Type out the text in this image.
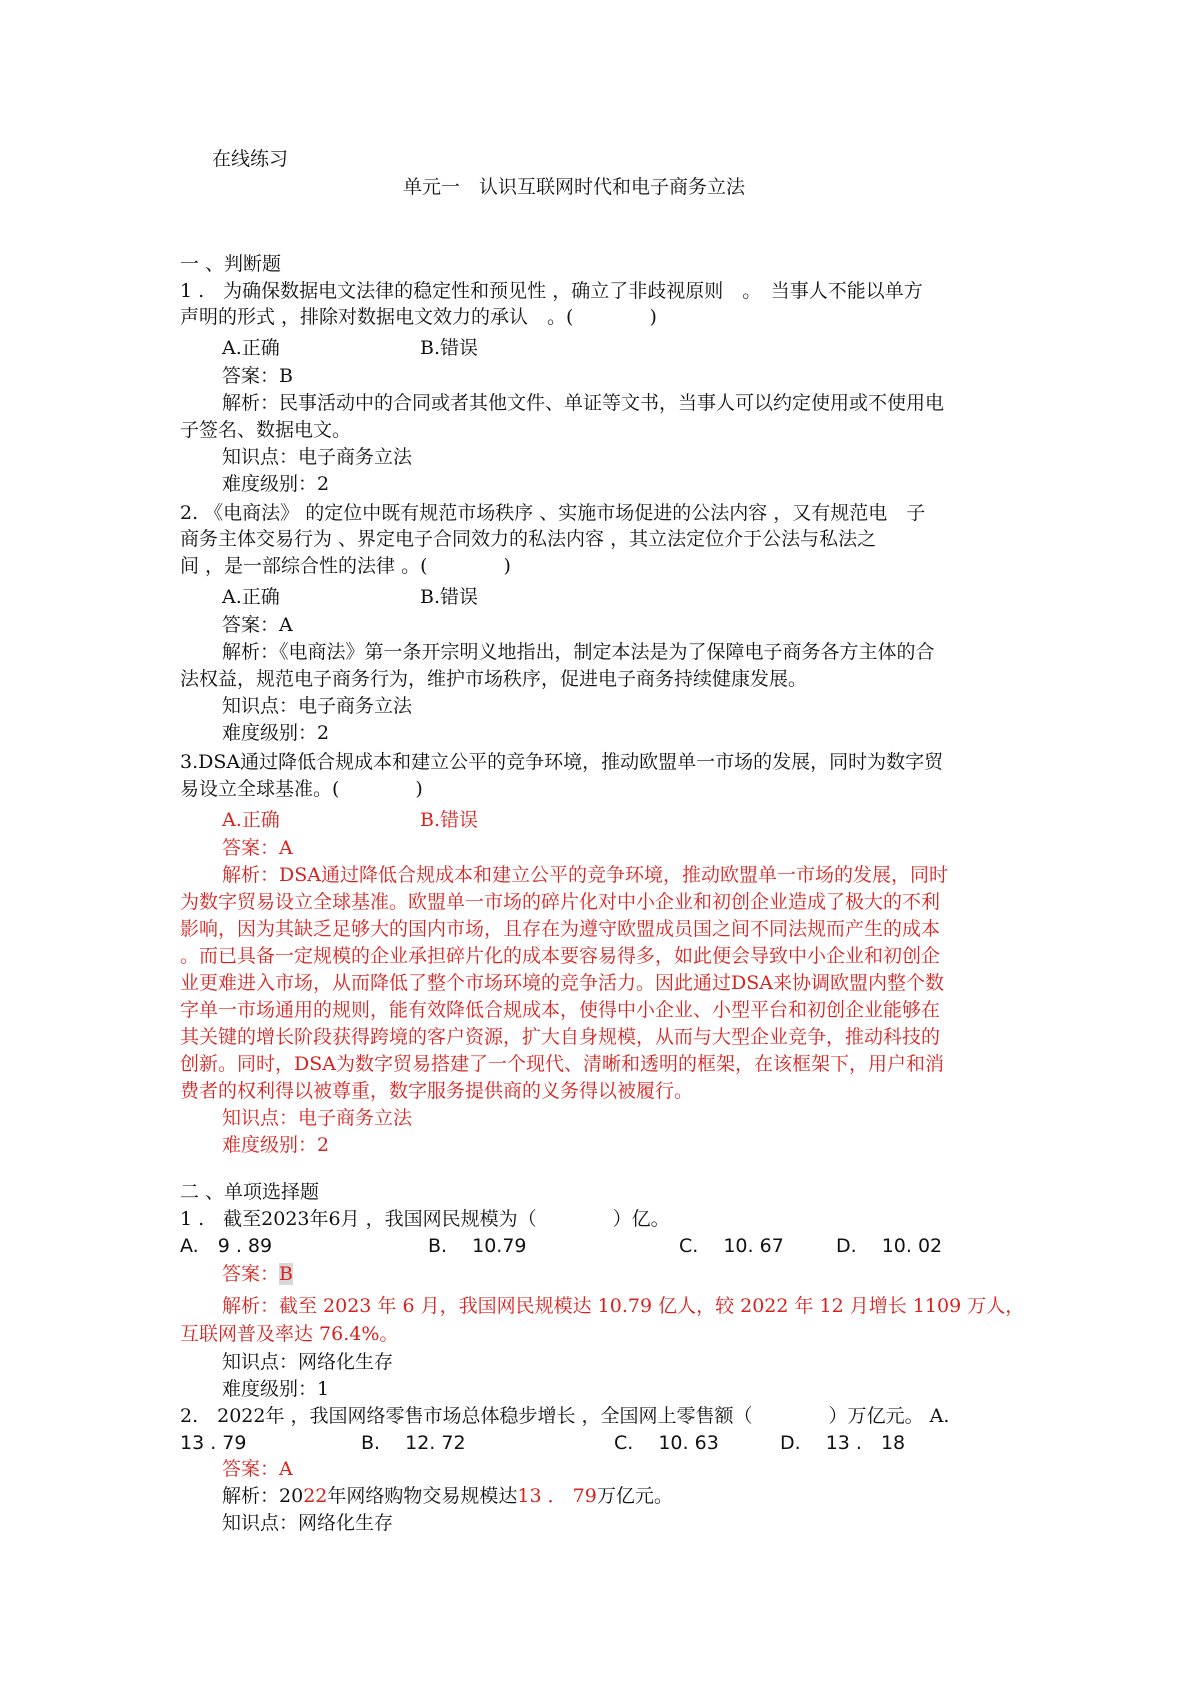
在线练习
单元一　认识互联网时代和电子商务立法
一 、判断题
1 .　为确保数据电文法律的稳定性和预见性 ，确立了非歧视原则　。　当事人不能以单方
声明的形式 ，排除对数据电文效力的承认　。(　　　　)
A.正确	B.错误
答案：B
解析：民事活动中的合同或者其他文件、单证等文书，当事人可以约定使用或不使用电
子签名、数据电文。
知识点：电子商务立法
难度级别：2
2. 《电商法》 的定位中既有规范市场秩序 、实施市场促进的公法内容 ，又有规范电　子
商务主体交易行为 、界定电子合同效力的私法内容 ，其立法定位介于公法与私法之
间 ，是一部综合性的法律 。(　　　　)
A.正确	B.错误
答案：A
解析：《电商法》第一条开宗明义地指出，制定本法是为了保障电子商务各方主体的合
法权益，规范电子商务行为，维护市场秩序，促进电子商务持续健康发展。
知识点：电子商务立法
难度级别：2
3.DSA通过降低合规成本和建立公平的竞争环境，推动欧盟单一市场的发展，同时为数字贸
易设立全球基准。(　　　　)
A.正确	B.错误
答案：A
解析：DSA通过降低合规成本和建立公平的竞争环境，推动欧盟单一市场的发展，同时
为数字贸易设立全球基准。欧盟单一市场的碎片化对中小企业和初创企业造成了极大的不利
影响，因为其缺乏足够大的国内市场，且存在为遵守欧盟成员国之间不同法规而产生的成本
。而已具备一定规模的企业承担碎片化的成本要容易得多，如此便会导致中小企业和初创企
业更难进入市场，从而降低了整个市场环境的竞争活力。因此通过DSA来协调欧盟内整个数
字单一市场通用的规则，能有效降低合规成本，使得中小企业、小型平台和初创企业能够在
其关键的增长阶段获得跨境的客户资源，扩大自身规模，从而与大型企业竞争，推动科技的
创新。同时，DSA为数字贸易搭建了一个现代、清晰和透明的框架，在该框架下，用户和消
费者的权利得以被尊重，数字服务提供商的义务得以被履行。
知识点：电子商务立法
难度级别：2
二 、单项选择题
1 .　截至2023年6月 ，我国网民规模为（　　　　）亿。
A.　9 . 89	B.　 10.79	C.　 10. 67	D.　 10. 02
答案：B
解析：截至 2023 年 6 月，我国网民规模达 10.79 亿人，较 2022 年 12 月增长 1109 万人，
互联网普及率达 76.4%。
知识点：网络化生存
难度级别：1
2.　2022年 ，我国网络零售市场总体稳步增长 ，全国网上零售额（　　　　）万亿元。 A.
13 . 79	B.　 12. 72	C.　 10. 63	D.　 13 .　18
答案：A
解析：2022年网络购物交易规模达13 ． 79万亿元。
知识点：网络化生存
